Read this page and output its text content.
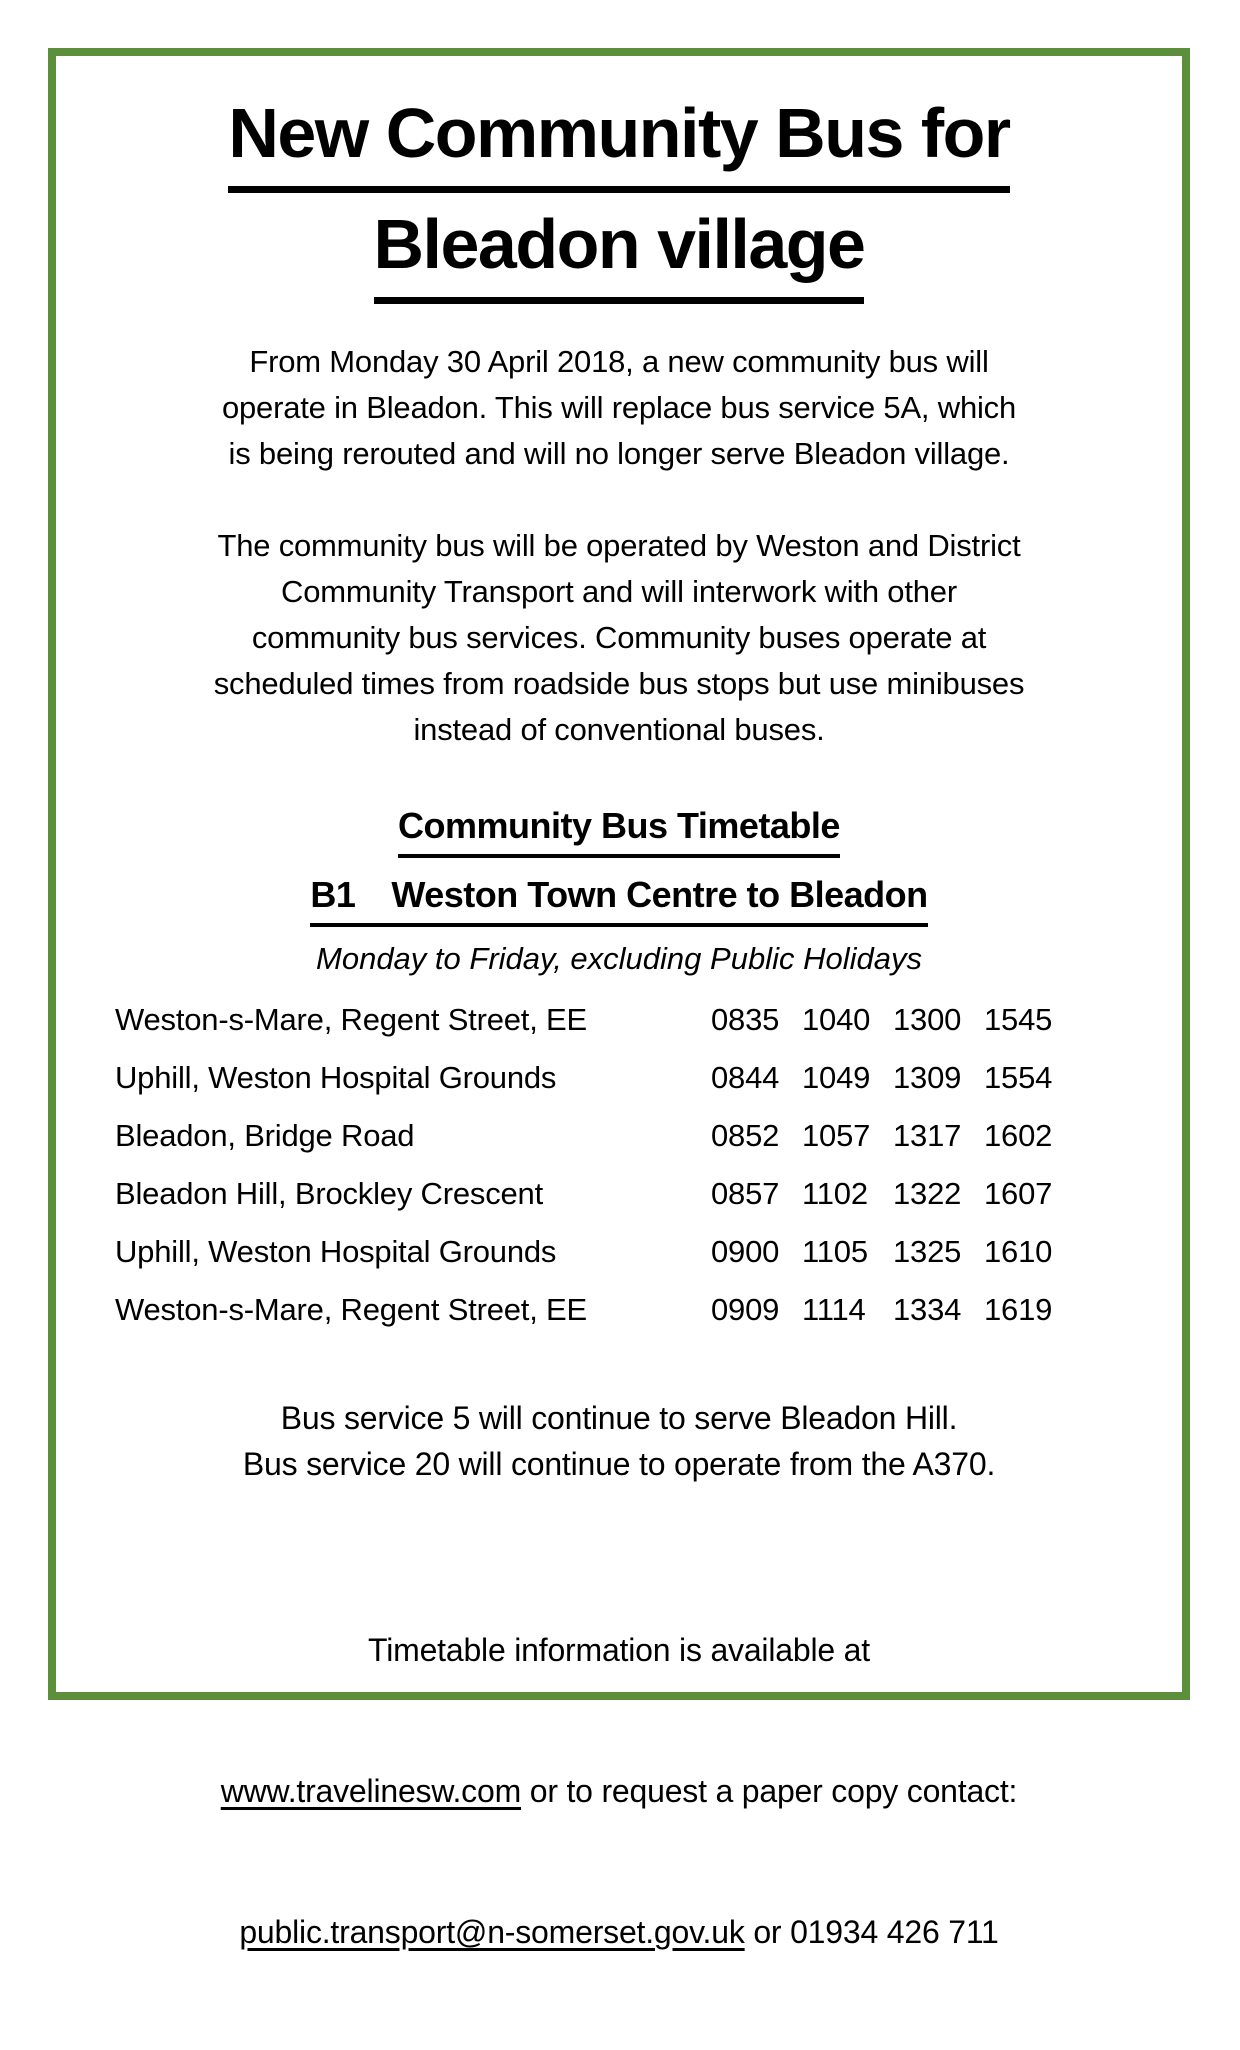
New Community Bus for
Bleadon village
From Monday 30 April 2018, a new community bus will
operate in Bleadon. This will replace bus service 5A, which
is being rerouted and will no longer serve Bleadon village.
The community bus will be operated by Weston and District
Community Transport and will interwork with other
community bus services. Community buses operate at
scheduled times from roadside bus stops but use minibuses
instead of conventional buses.
Community Bus Timetable
B1 Weston Town Centre to Bleadon
Monday to Friday, excluding Public Holidays
Weston-s-Mare, Regent Street, EE	0835 1040 1300 1545
Uphill, Weston Hospital Grounds	0844 1049 1309 1554
Bleadon, Bridge Road	0852 1057 1317 1602
Bleadon Hill, Brockley Crescent	0857 1102 1322 1607
Uphill, Weston Hospital Grounds	0900 1105 1325 1610
Weston-s-Mare, Regent Street, EE	0909 1114 1334 1619
Bus service 5 will continue to serve Bleadon Hill.
Bus service 20 will continue to operate from the A370.

Timetable information is available at

www.travelinesw.com or to request a paper copy contact:

public.transport@n-somerset.gov.uk or 01934 426 711
